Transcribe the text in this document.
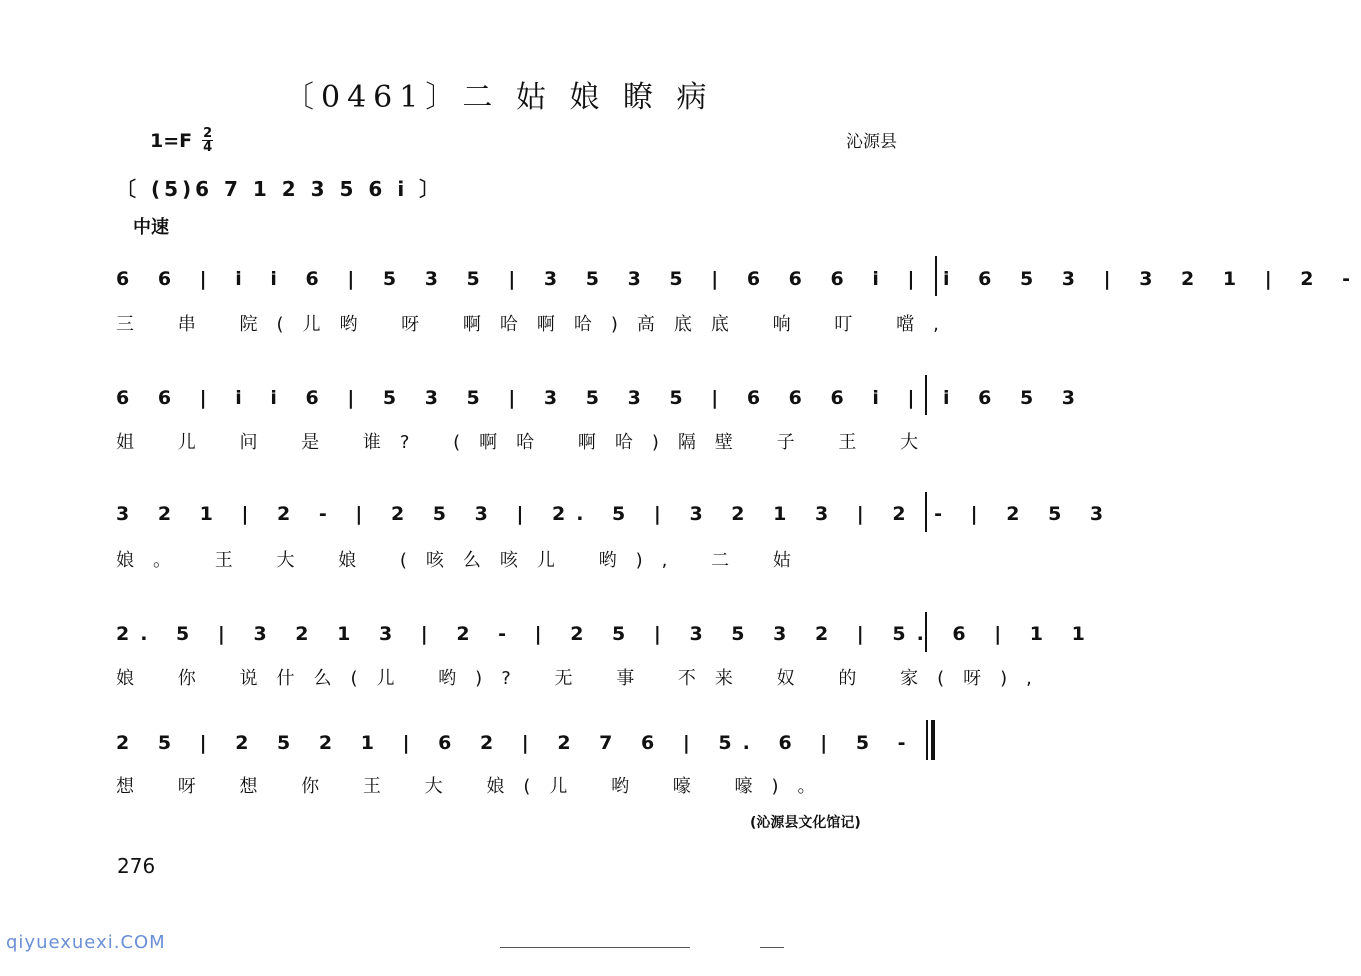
〔0461〕二 姑 娘 瞭 病
$1=F \frac{2}{4}$	沁源县
〔 (5)6 7 1 2 3 5 6 i 〕
中速
6 6 | i i 6 | 5 3 5 | 3 5 3 5 | 6 6 6 i | i 6 5 3 | 3 2 1 | 2 -
三 串 院(儿哟 呀 啊哈啊哈)高底底 响 叮 噹,
6 6 | i i 6 | 5 3 5 | 3 5 3 5 | 6 6 6 i | i 6 5 3
姐 儿 问 是 谁? (啊哈 啊哈)隔壁 子 王 大
3 2 1 | 2 - | 2 5 3 | 2. 5 | 3 2 1 3 | 2 - | 2 5 3
娘。 王 大 娘 (咳么咳儿 哟), 二 姑
2. 5 | 3 2 1 3 | 2 - | 2 5 | 3 5 3 2 | 5. 6 | 1 1
娘 你 说什么(儿 哟)? 无 事 不来 奴 的 家(呀),
2 5 | 2 5 2 1 | 6 2 | 2 7 6 | 5. 6 | 5 -
想 呀 想 你 王 大 娘(儿 哟 嚎 嚎)。
(沁源县文化馆记)
276
qiyuexuexi.COM
